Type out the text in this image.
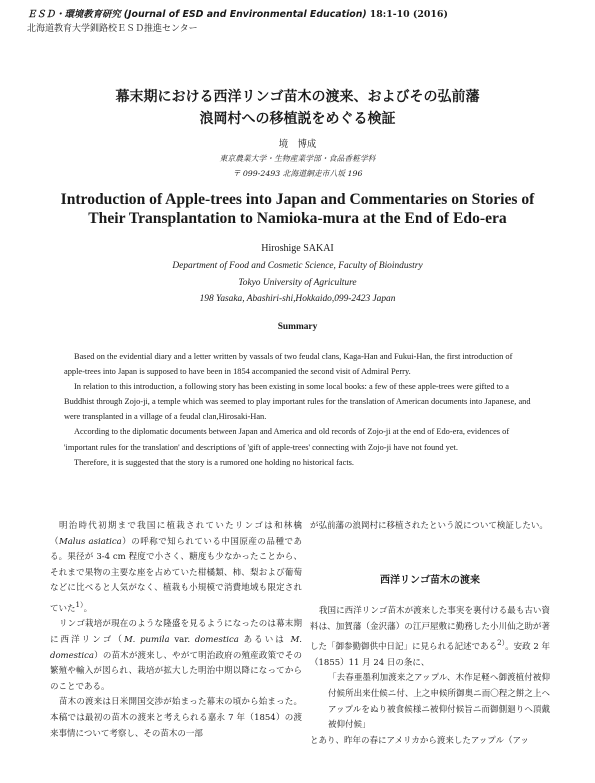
ＥＳＤ・環境教育研究 (Journal of ESD and Environmental Education) 18:1-10 (2016)
北海道教育大学釧路校ＥＳＤ推進センター
幕末期における西洋リンゴ苗木の渡来、およびその弘前藩
浪岡村への移植説をめぐる検証
境　博成
東京農業大学・生物産業学部・食品香粧学科
〒 099-2493 北海道網走市八坂 196
Introduction of Apple-trees into Japan and Commentaries on Stories of
Their Transplantation to Namioka-mura at the End of Edo-era
Hiroshige SAKAI
Department of Food and Cosmetic Science, Faculty of Bioindustry
Tokyo University of Agriculture
198 Yasaka, Abashiri-shi,Hokkaido,099-2423 Japan
Summary

Based on the evidential diary and a letter written by vassals of two feudal clans, Kaga-Han and Fukui-Han, the first introduction of apple-trees into Japan is supposed to have been in 1854 accompanied the second visit of Admiral Perry.

In relation to this introduction, a following story has been existing in some local books: a few of these apple-trees were gifted to a Buddhist through Zojo-ji, a temple which was seemed to play important rules for the translation of American documents into Japanese, and were transplanted in a village of a feudal clan,Hirosaki-Han.

According to the diplomatic documents between Japan and America and old records of Zojo-ji at the end of Edo-era, evidences of 'important rules for the translation' and descriptions of 'gift of apple-trees' connecting with Zojo-ji have not found yet.

Therefore, it is suggested that the story is a rumored one holding no historical facts.

明治時代初期まで我国に植栽されていたリンゴは和林檎（Malus asiatica）の呼称で知られている中国原産の品種である。果径が 3-4 cm 程度で小さく、糖度も少なかったことから、それまで果物の主要な座を占めていた柑橘類、柿、梨および葡萄などに比べると人気がなく、植栽も小規模で消費地域も限定されていた$^{1)}$。

リンゴ栽培が現在のような隆盛を見るようになったのは幕末期に西洋リンゴ（M. pumila var. domestica あるいは M. domestica）の苗木が渡来し、やがて明治政府の殖産政策でその繁殖や輸入が図られ、栽培が拡大した明治中期以降になってからのことである。

苗木の渡来は日米開国交渉が始まった幕末の頃から始まった。本稿では最初の苗木の渡来と考えられる嘉永 7 年（1854）の渡来事情について考察し、その苗木の一部

が弘前藩の浪岡村に移植されたという説について検証したい。

西洋リンゴ苗木の渡来

我国に西洋リンゴ苗木が渡来した事実を裏付ける最も古い資料は、加賀藩（金沢藩）の江戸屋敷に勤務した小川仙之助が著した「御参勤御供中日記」に見られる記述である$^{2)}$。安政 2 年（1855）11 月 24 日の条に、

「去春亜墨利加渡来之アップル、木作足軽へ御渡植付被仰付候所出来仕候ニ付、上之申候所御奥ニ而〇程之餅之上ヘアップルをぬり被食候様ニ被仰付候旨ニ而御側廻りへ頂戴被仰付候」

とあり、昨年の春にアメリカから渡来したアップル（アッ
